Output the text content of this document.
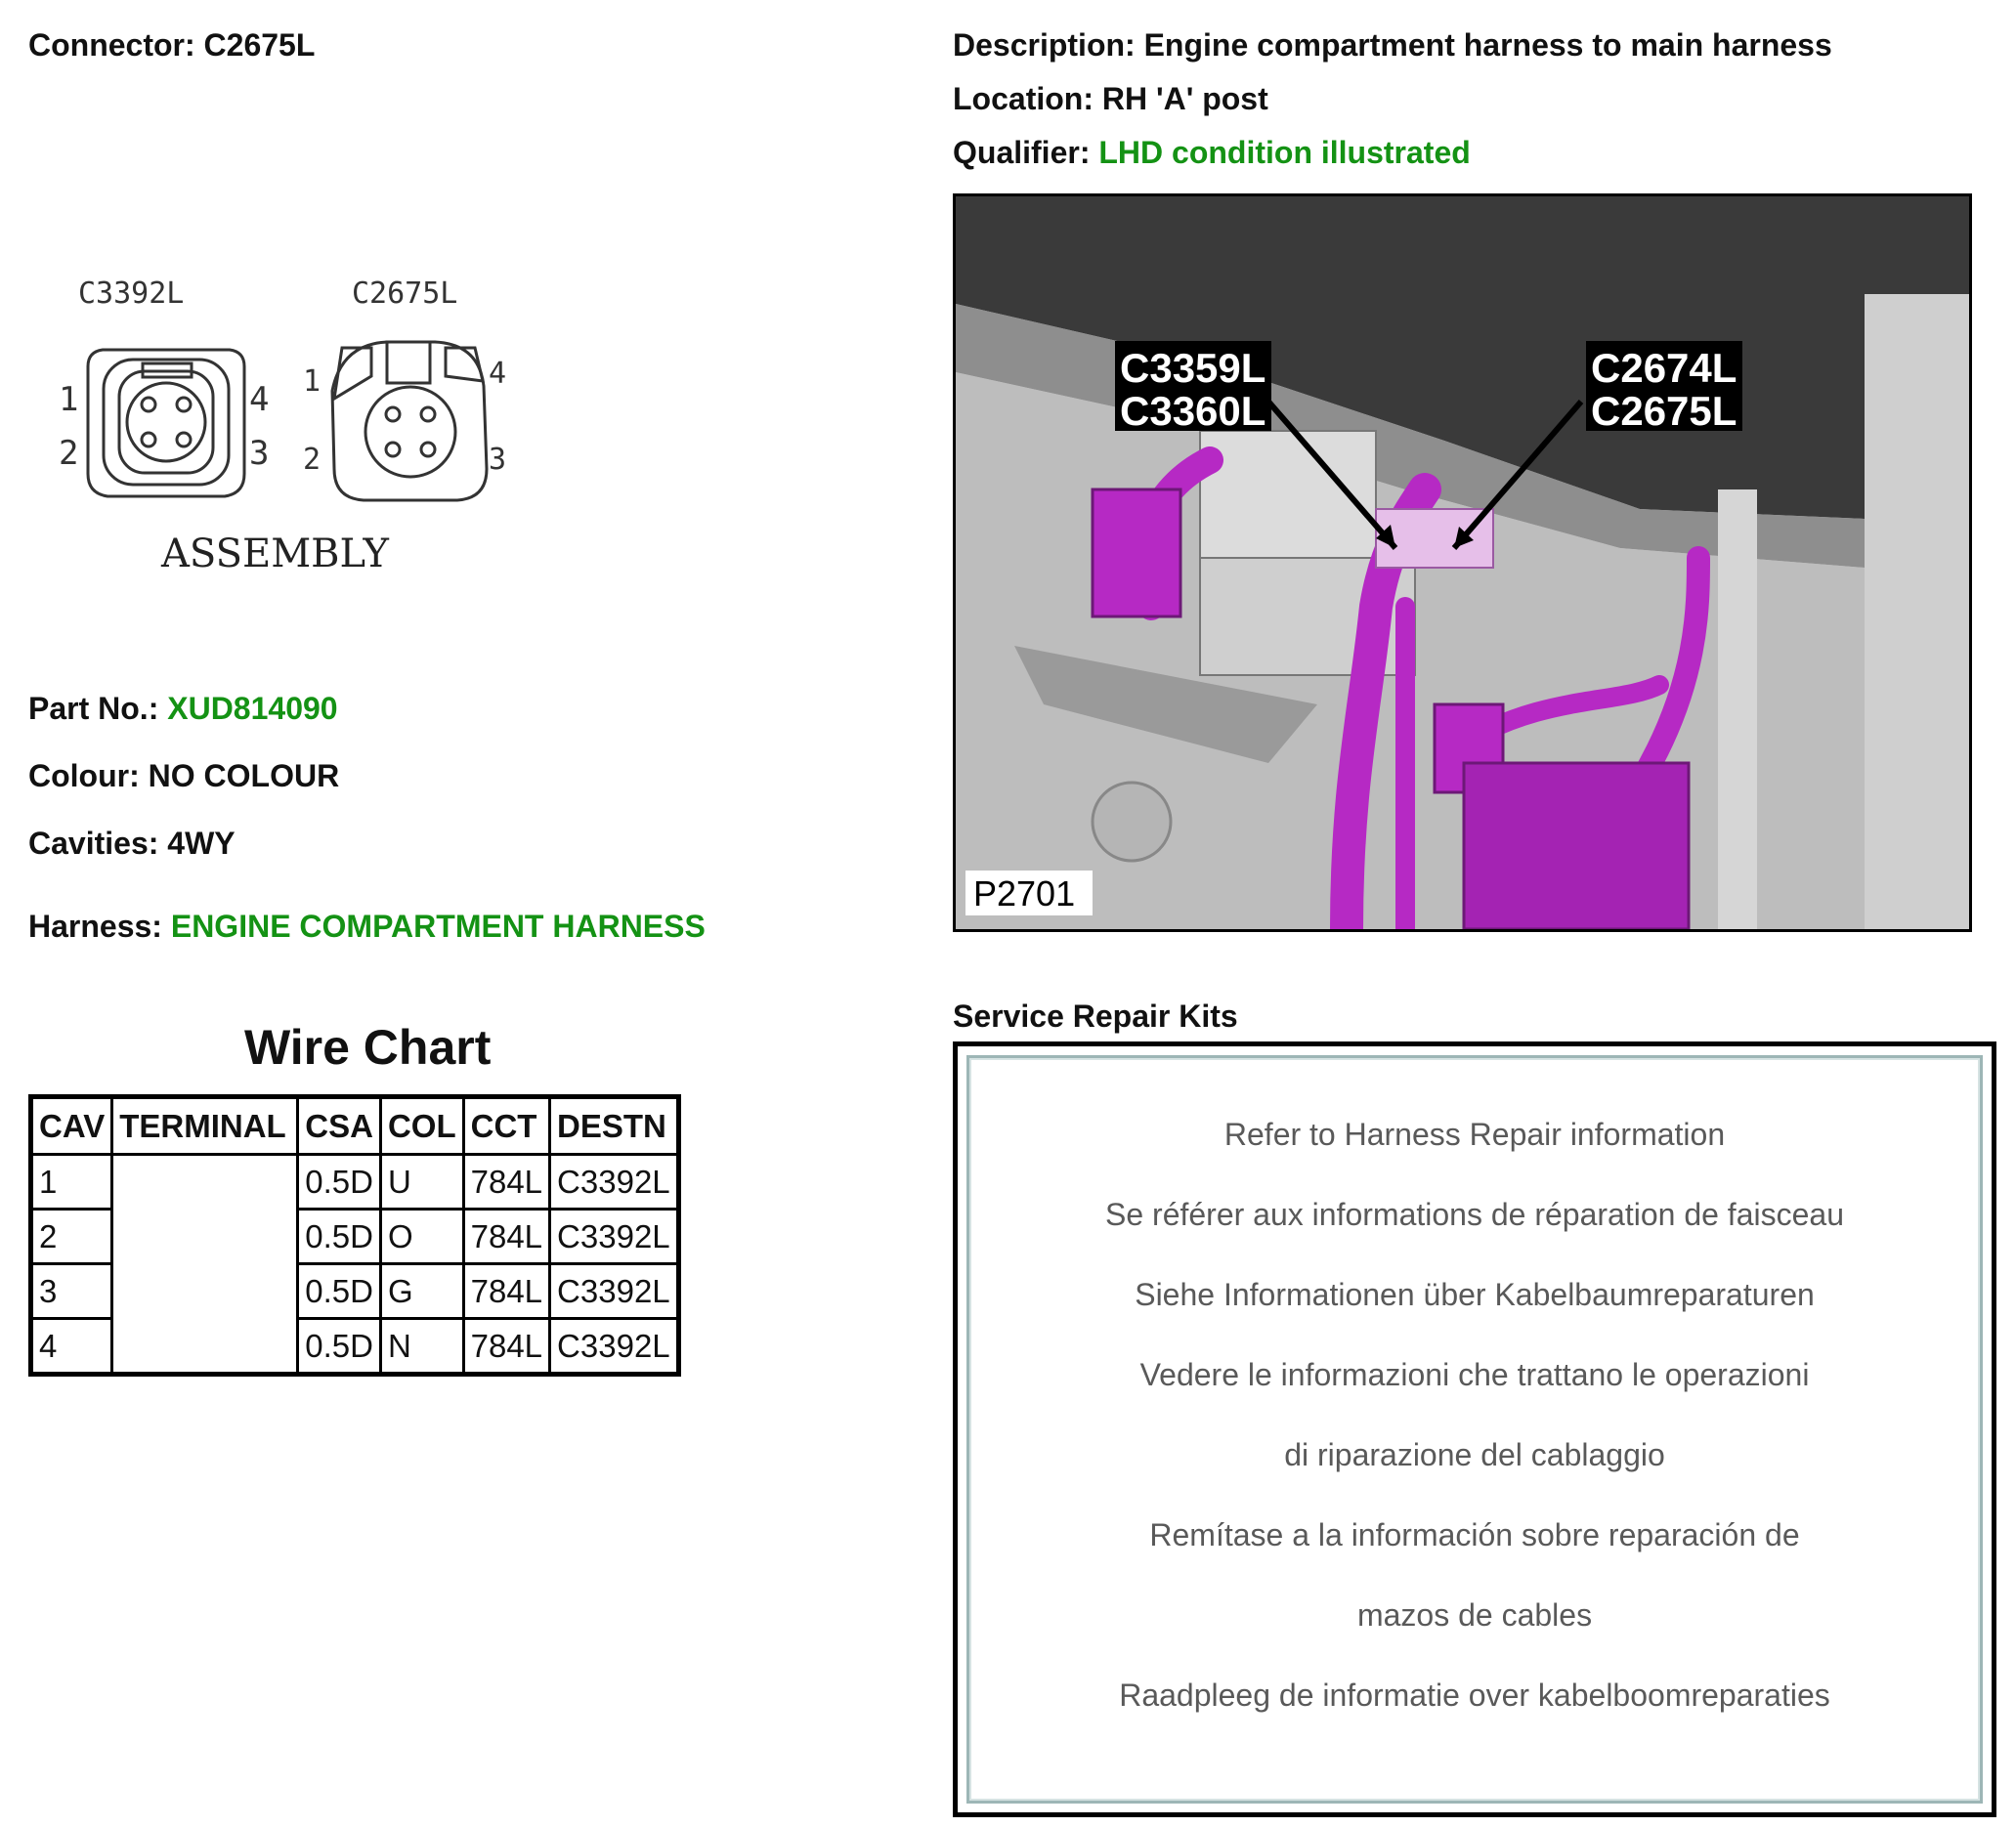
Connector: C2675L
C3392L	C2675L
1
2
4
3
1
2
4
3
ASSEMBLY
Part No.: XUD814090
Colour: NO COLOUR
Cavities: 4WY
Harness: ENGINE COMPARTMENT HARNESS
Wire Chart
CAV	TERMINAL	CSA	COL	CCT	DESTN
1		0.5D	U	784L	C3392L
2		0.5D	O	784L	C3392L
3		0.5D	G	784L	C3392L
4		0.5D	N	784L	C3392L
Description: Engine compartment harness to main harness
Location: RH 'A' post
Qualifier: LHD condition illustrated
C3359L
C3360L
C2674L
C2675L
P2701
Service Repair Kits
Refer to Harness Repair information
Se référer aux informations de réparation de faisceau
Siehe Informationen über Kabelbaumreparaturen
Vedere le informazioni che trattano le operazioni
di riparazione del cablaggio
Remítase a la información sobre reparación de
mazos de cables
Raadpleeg de informatie over kabelboomreparaties
